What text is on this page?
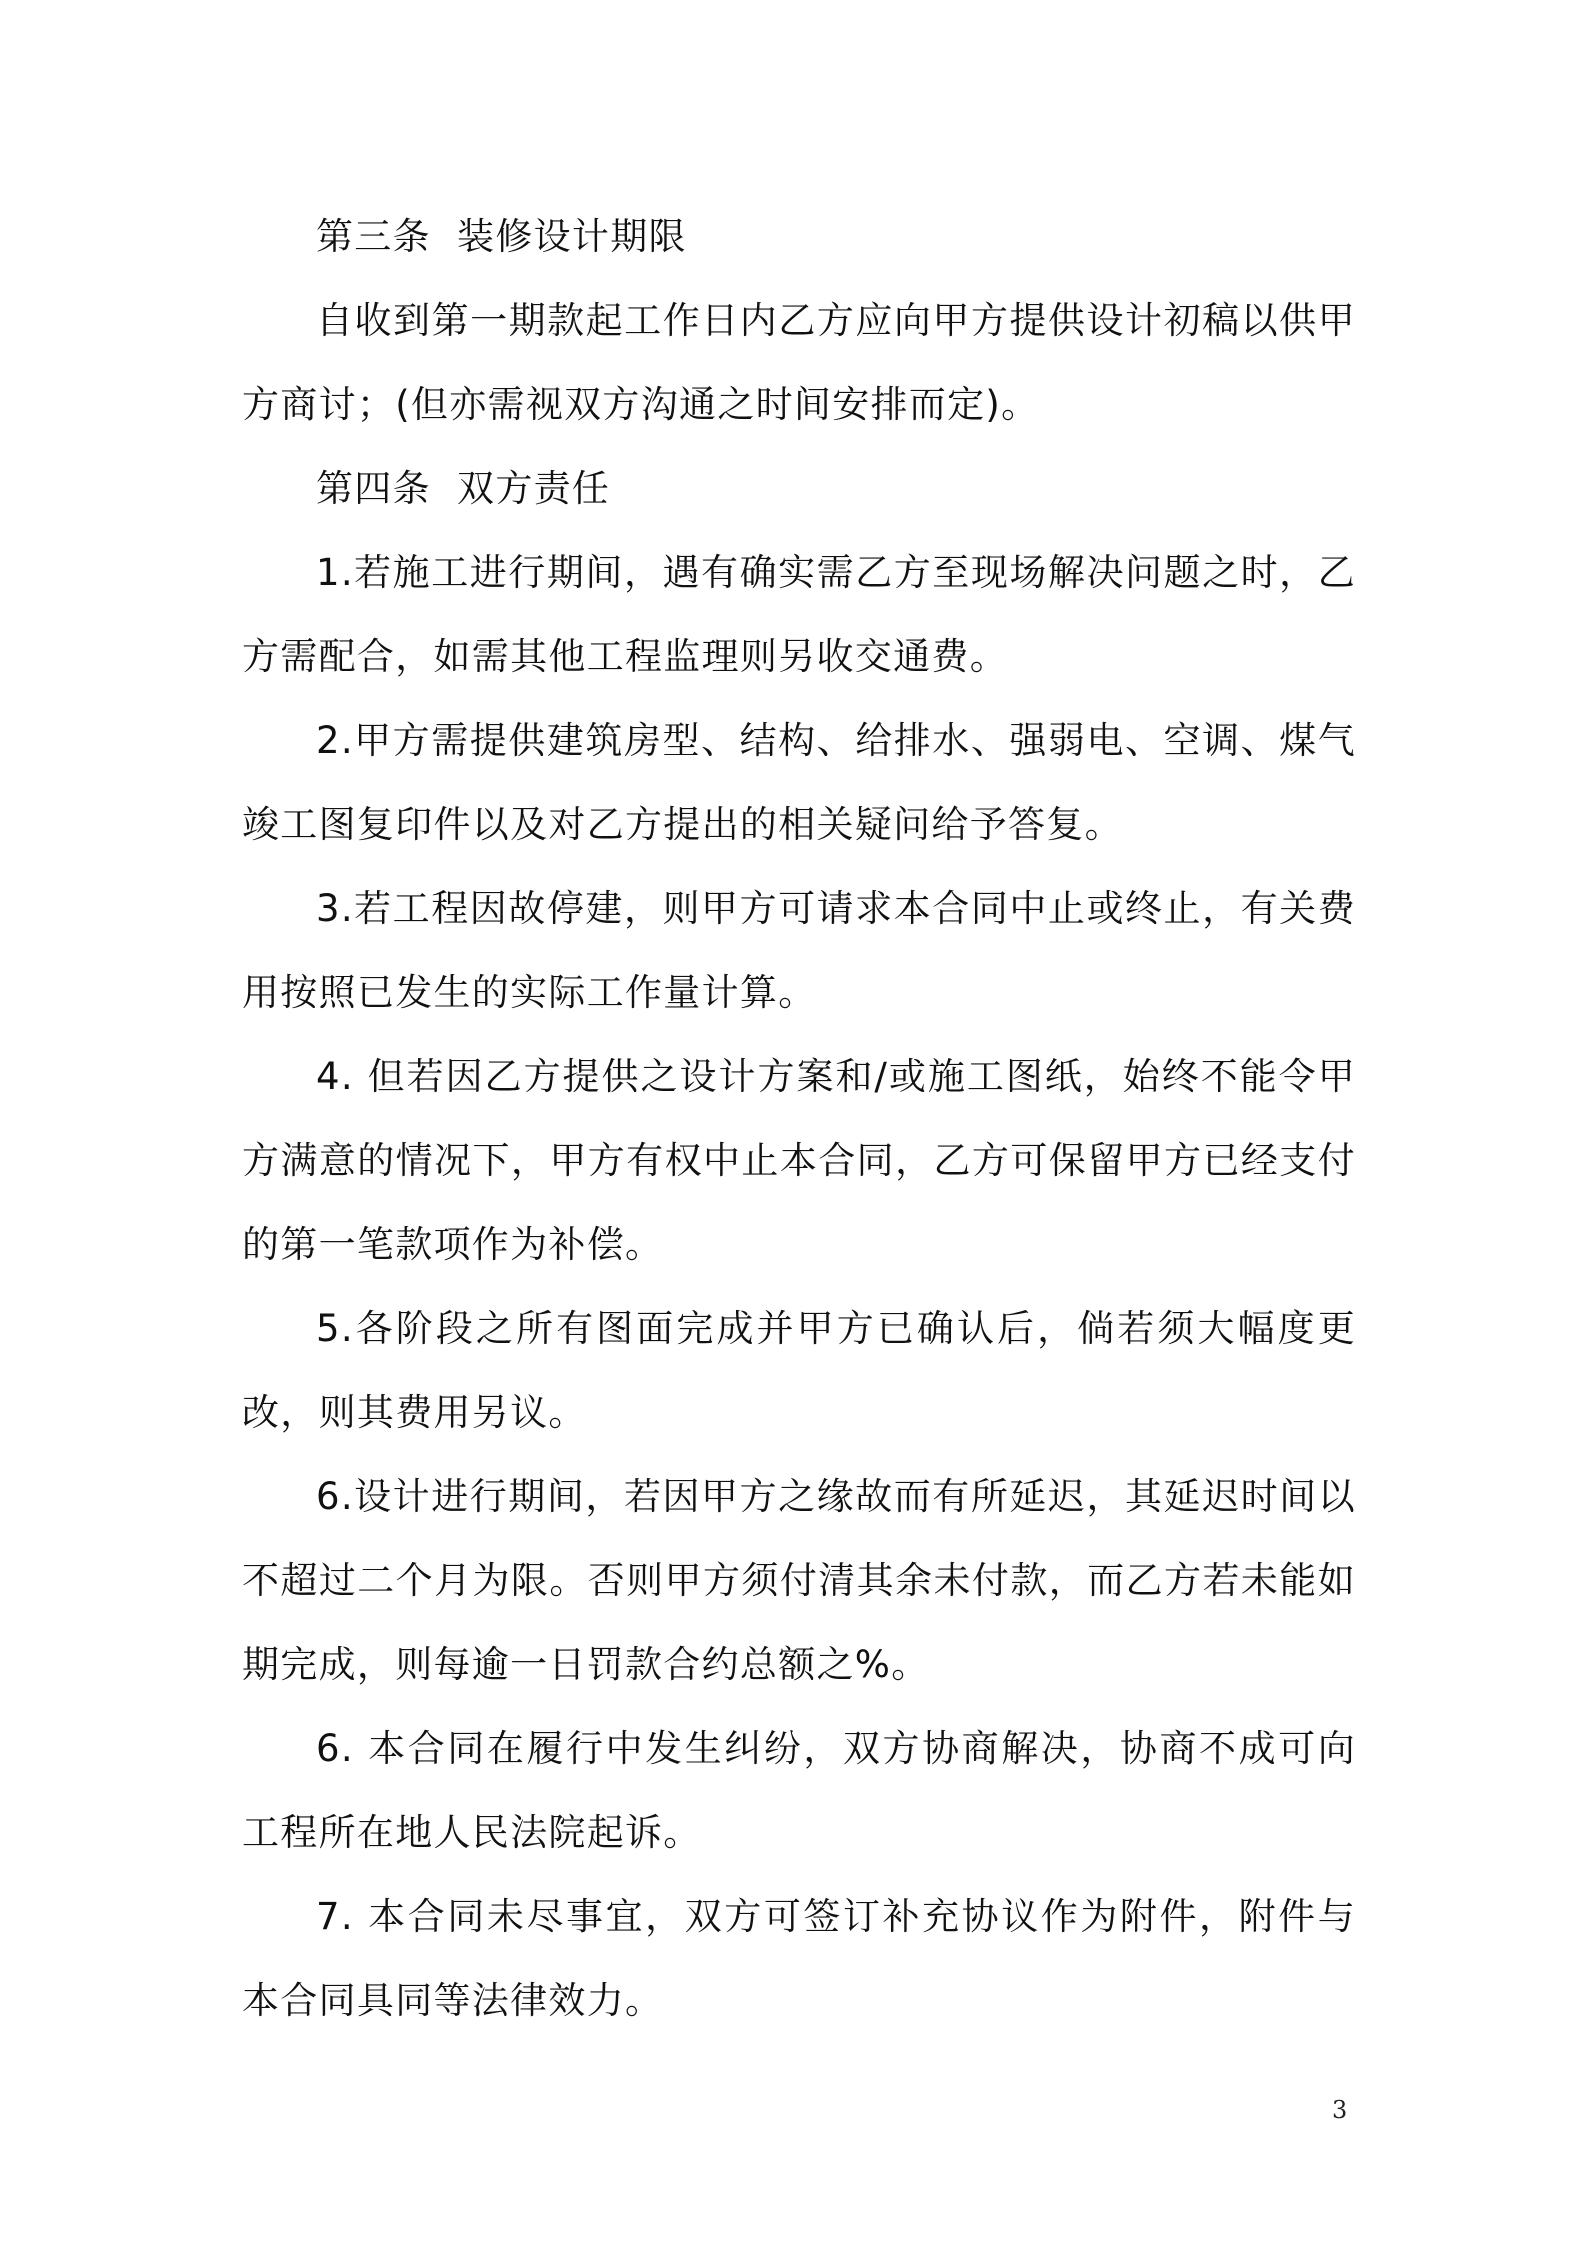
第三条  装修设计期限

自收到第一期款起工作日内乙方应向甲方提供设计初稿以供甲方商讨；(但亦需视双方沟通之时间安排而定)。

第四条  双方责任

1.若施工进行期间，遇有确实需乙方至现场解决问题之时，乙方需配合，如需其他工程监理则另收交通费。

2.甲方需提供建筑房型、结构、给排水、强弱电、空调、煤气竣工图复印件以及对乙方提出的相关疑问给予答复。

3.若工程因故停建，则甲方可请求本合同中止或终止，有关费用按照已发生的实际工作量计算。

4. 但若因乙方提供之设计方案和/或施工图纸，始终不能令甲方满意的情况下，甲方有权中止本合同，乙方可保留甲方已经支付的第一笔款项作为补偿。

5.各阶段之所有图面完成并甲方已确认后，倘若须大幅度更改，则其费用另议。

6.设计进行期间，若因甲方之缘故而有所延迟，其延迟时间以不超过二个月为限。否则甲方须付清其余未付款，而乙方若未能如期完成，则每逾一日罚款合约总额之%。

6. 本合同在履行中发生纠纷，双方协商解决，协商不成可向工程所在地人民法院起诉。

7. 本合同未尽事宜，双方可签订补充协议作为附件，附件与本合同具同等法律效力。

3
